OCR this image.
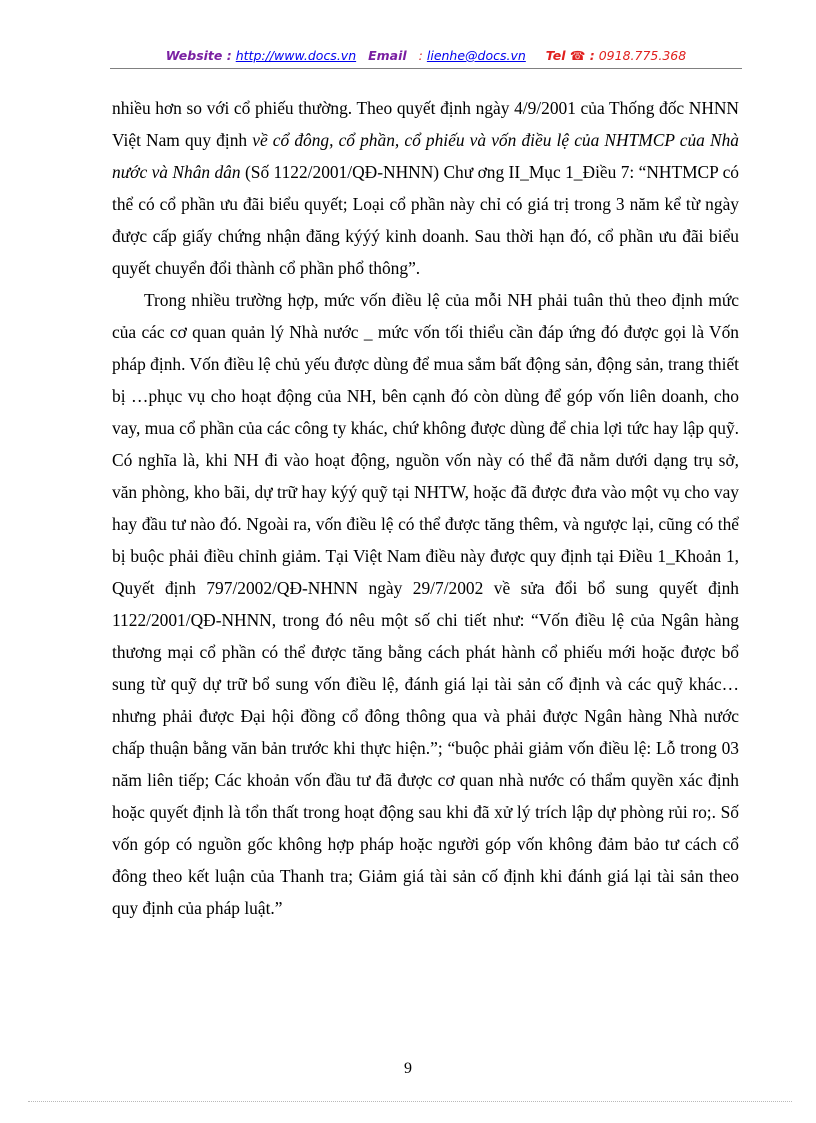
Website : http://www.docs.vn Email : lienhe@docs.vn Tel ☎ : 0918.775.368

nhiều hơn so với cổ phiếu thường. Theo quyết định ngày 4/9/2001 của Thống đốc NHNN Việt Nam quy định về cổ đông, cổ phần, cổ phiếu và vốn điều lệ của NHTMCP của Nhà nước và Nhân dân (Số 1122/2001/QĐ-NHNN) Chư ơng II_Mục 1_Điều 7: “NHTMCP có thể có cổ phần ưu đãi biểu quyết; Loại cổ phần này chỉ có giá trị trong 3 năm kể từ ngày được cấp giấy chứng nhận đăng kýýý kinh doanh. Sau thời hạn đó, cổ phần ưu đãi biểu quyết chuyển đổi thành cổ phần phổ thông”.

Trong nhiều trường hợp, mức vốn điều lệ của mỗi NH phải tuân thủ theo định mức của các cơ quan quản lý Nhà nước _ mức vốn tối thiểu cần đáp ứng đó được gọi là Vốn pháp định. Vốn điều lệ chủ yếu được dùng để mua sắm bất động sản, động sản, trang thiết bị …phục vụ cho hoạt động của NH, bên cạnh đó còn dùng để góp vốn liên doanh, cho vay, mua cổ phần của các công ty khác, chứ không được dùng để chia lợi tức hay lập quỹ. Có nghĩa là, khi NH đi vào hoạt động, nguồn vốn này có thể đã nằm dưới dạng trụ sở, văn phòng, kho bãi, dự trữ hay kýý quỹ tại NHTW, hoặc đã được đưa vào một vụ cho vay hay đầu tư nào đó. Ngoài ra, vốn điều lệ có thể được tăng thêm, và ngược lại, cũng có thể bị buộc phải điều chỉnh giảm. Tại Việt Nam điều này được quy định tại Điều 1_Khoản 1, Quyết định 797/2002/QĐ-NHNN ngày 29/7/2002 về sửa đổi bổ sung quyết định 1122/2001/QĐ-NHNN, trong đó nêu một số chi tiết như: “Vốn điều lệ của Ngân hàng thương mại cổ phần có thể được tăng bằng cách phát hành cổ phiếu mới hoặc được bổ sung từ quỹ dự trữ bổ sung vốn điều lệ, đánh giá lại tài sản cố định và các quỹ khác…nhưng phải được Đại hội đồng cổ đông thông qua và phải được Ngân hàng Nhà nước chấp thuận bằng văn bản trước khi thực hiện.”; “buộc phải giảm vốn điều lệ: Lỗ trong 03 năm liên tiếp; Các khoản vốn đầu tư đã được cơ quan nhà nước có thẩm quyền xác định hoặc quyết định là tổn thất trong hoạt động sau khi đã xử lý trích lập dự phòng rủi ro;. Số vốn góp có nguồn gốc không hợp pháp hoặc người góp vốn không đảm bảo tư cách cổ đông theo kết luận của Thanh tra; Giảm giá tài sản cố định khi đánh giá lại tài sản theo quy định của pháp luật.”

9
